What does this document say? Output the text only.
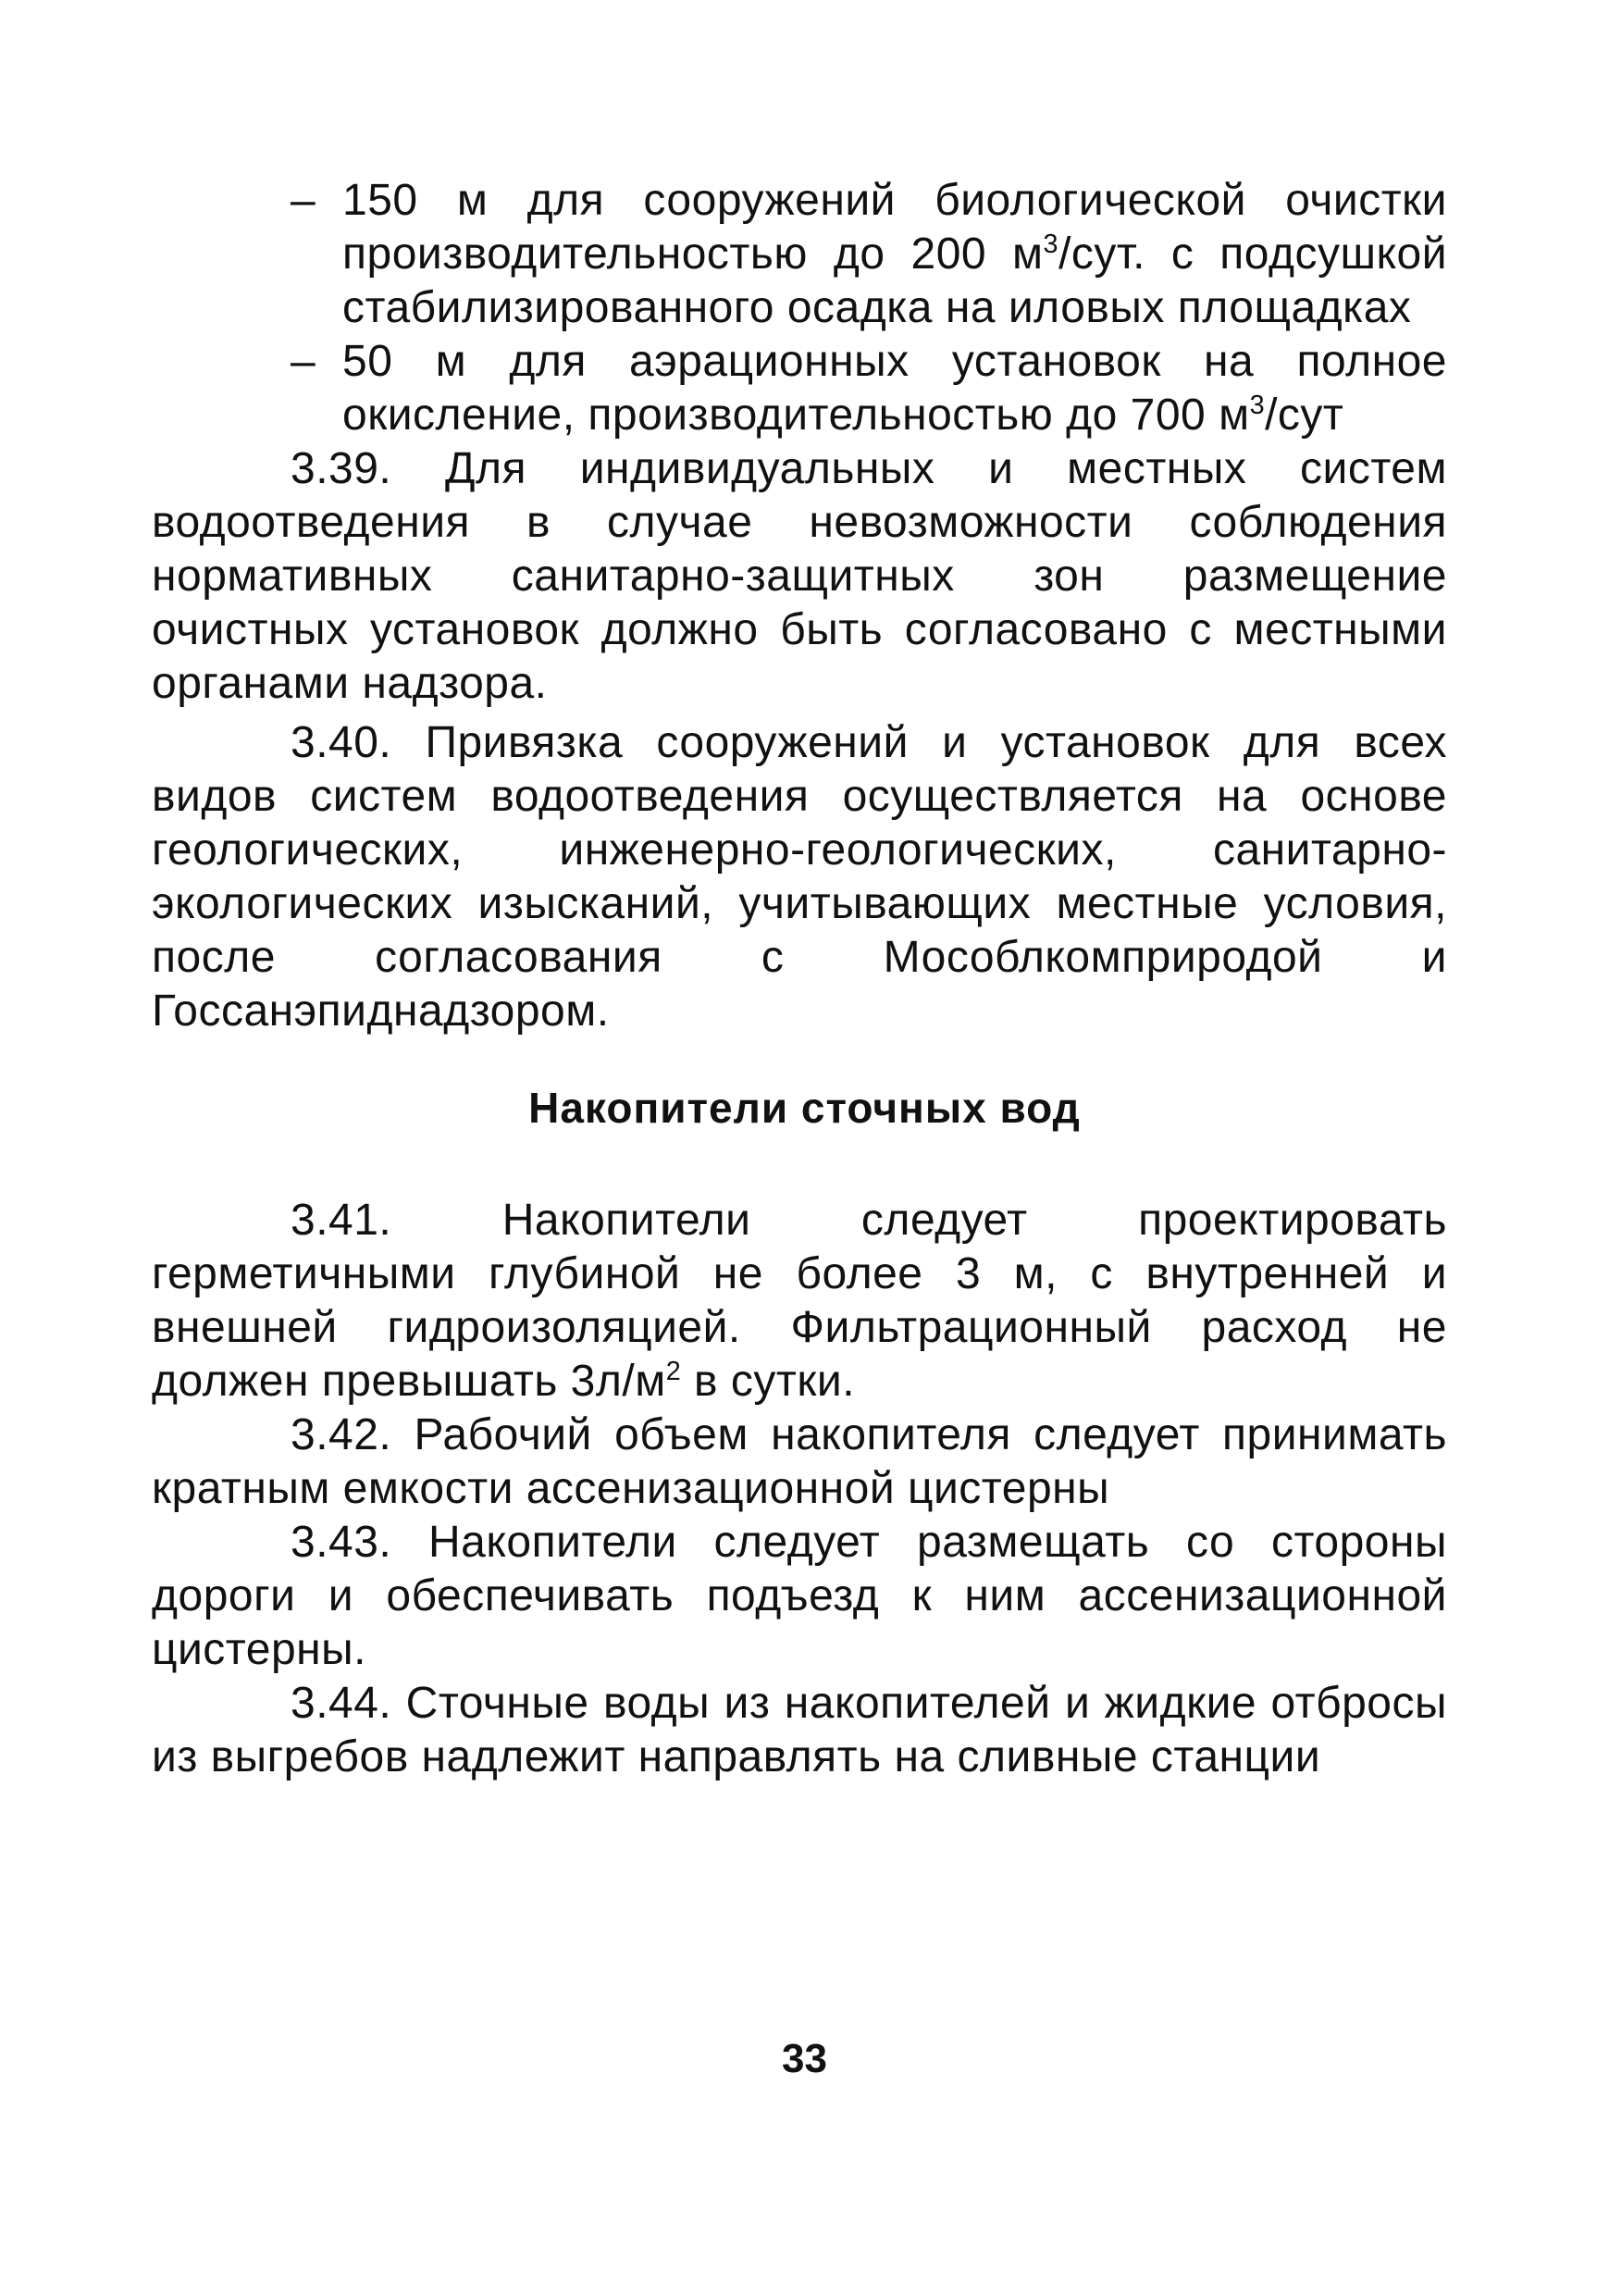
– 150 м для сооружений биологической очистки производительностью до 200 $м^3$/сут. с подсушкой стабилизированного осадка на иловых площадках

– 50 м для аэрационных установок на полное окисление, производительностью до 700 $м^3$/сут

3.39. Для индивидуальных и местных систем водоотведения в случае невозможности соблюдения нормативных санитарно-защитных зон размещение очистных установок должно быть согласовано с местными органами надзора.

3.40. Привязка сооружений и установок для всех видов систем водоотведения осуществляется на основе геологических, инженерно-геологических, санитарно-экологических изысканий, учитывающих местные условия, после согласования с Мособлкомприродой и Госсанэпиднадзором.

Накопители сточных вод

3.41. Накопители следует проектировать герметичными глубиной не более 3 м, с внутренней и внешней гидроизоляцией. Фильтрационный расход не должен превышать $3л/м^2$ в сутки.

3.42. Рабочий объем накопителя следует принимать кратным емкости ассенизационной цистерны

3.43. Накопители следует размещать со стороны дороги и обеспечивать подъезд к ним ассенизационной цистерны.

3.44. Сточные воды из накопителей и жидкие отбросы из выгребов надлежит направлять на сливные станции

33
